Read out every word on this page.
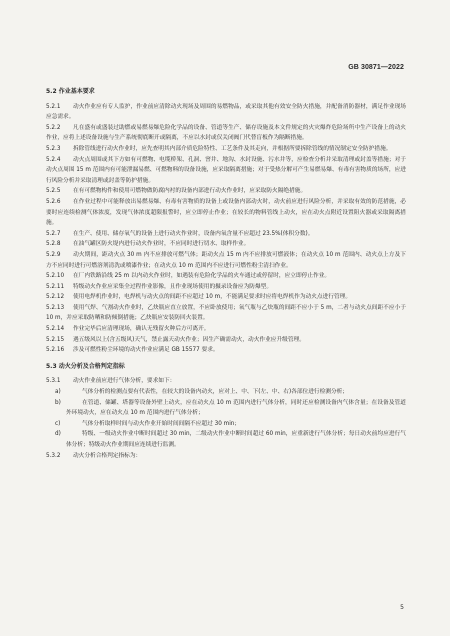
GB 30871—2022

5.2 作业基本要求

5.2.1 动火作业应有专人监护，作业前应清除动火现场及周围的易燃物品，或采取其他有效安全防火措施，并配备消防器材，满足作业现场应急需求。

5.2.2 凡在盛有或盛装过助燃或易燃易爆危险化学品的设备、管道等生产、储存设施及本文件规定的火灾爆炸危险场所中生产设备上的动火作业，应将上述设备设施与生产系统彻底断开或隔离，不应以水封或仅关闭阀门代替盲板作为隔断措施。

5.2.3 拆除管线进行动火作业时，应先查明其内部介质危险特性、工艺条件及其走向，并根据所要拆除管线的情况制定安全防护措施。

5.2.4 动火点周围或其下方如有可燃物、电缆桥架、孔洞、窨井、地沟、水封设施、污水井等，应检查分析并采取清理或封盖等措施；对于动火点周围 15 m 范围内有可能泄漏易燃、可燃物料的设备设施，应采取隔离措施；对于受热分解可产生易燃易爆、有毒有害物质的场所，应进行风险分析并采取清理或封盖等防护措施。

5.2.5 在有可燃物构件和使用可燃物做防腐内衬的设备内部进行动火作业时，应采取防火隔绝措施。

5.2.6 在作业过程中可能释放出易燃易爆、有毒有害物质的设备上或设备内部动火时，动火前应进行风险分析，并采取有效的防范措施，必要时应连续检测气体浓度，发现气体浓度超限报警时，应立即停止作业；在较长的物料管线上动火，应在动火点附近设置阻火器或采取隔离措施。

5.2.7 在生产、使用、储存氧气的设备上进行动火作业时，设备内氧含量不应超过 23.5%(体积分数)。

5.2.8 在油气罐区防火堤内进行动火作业时，不应同时进行切水、取样作业。

5.2.9 动火期间，距动火点 30 m 内不应排放可燃气体；距动火点 15 m 内不应排放可燃液体；在动火点 10 m 范围内、动火点上方及下方不应同时进行可燃溶剂清洗或喷漆作业；在动火点 10 m 范围内不应进行可燃性粉尘清扫作业。

5.2.10 在厂内铁路沿线 25 m 以内动火作业时，如遇装有危险化学品的火车通过或停留时，应立即停止作业。

5.2.11 特级动火作业应采集全过程作业影像，且作业现场使用的摄录设备应为防爆型。

5.2.12 使用电焊机作业时，电焊机与动火点的间距不应超过 10 m，不能满足要求时应将电焊机作为动火点进行管理。

5.2.13 使用气焊、气割动火作业时，乙炔瓶应直立放置，不应卧放使用；氧气瓶与乙炔瓶的间距不应小于 5 m，二者与动火点间距不应小于 10 m，并应采取防晒和防倾倒措施；乙炔瓶应安装防回火装置。

5.2.14 作业完毕后应清理现场，确认无残留火种后方可离开。

5.2.15 遇五级风以上(含五级风)天气，禁止露天动火作业；因生产确需动火，动火作业应升级管理。

5.2.16 涉及可燃性粉尘环境的动火作业应满足 GB 15577 要求。

5.3 动火分析及合格判定指标

5.3.1 动火作业前应进行气体分析，要求如下：

a)	气体分析的检测点要有代表性，在较大的设备内动火，应对上、中、下(左、中、右)各部位进行检测分析；

b)	在管道、储罐、塔器等设备外壁上动火，应在动火点 10 m 范围内进行气体分析，同时还应检测设备内气体含量；在设备及管道外环境动火，应在动火点 10 m 范围内进行气体分析；

c)	气体分析取样时间与动火作业开始时间间隔不应超过 30 min；

d)	特级、一级动火作业中断时间超过 30 min，二级动火作业中断时间超过 60 min，应重新进行气体分析；每日动火前均应进行气体分析；特级动火作业期间应连续进行监测。

5.3.2 动火分析合格判定指标为：

5
